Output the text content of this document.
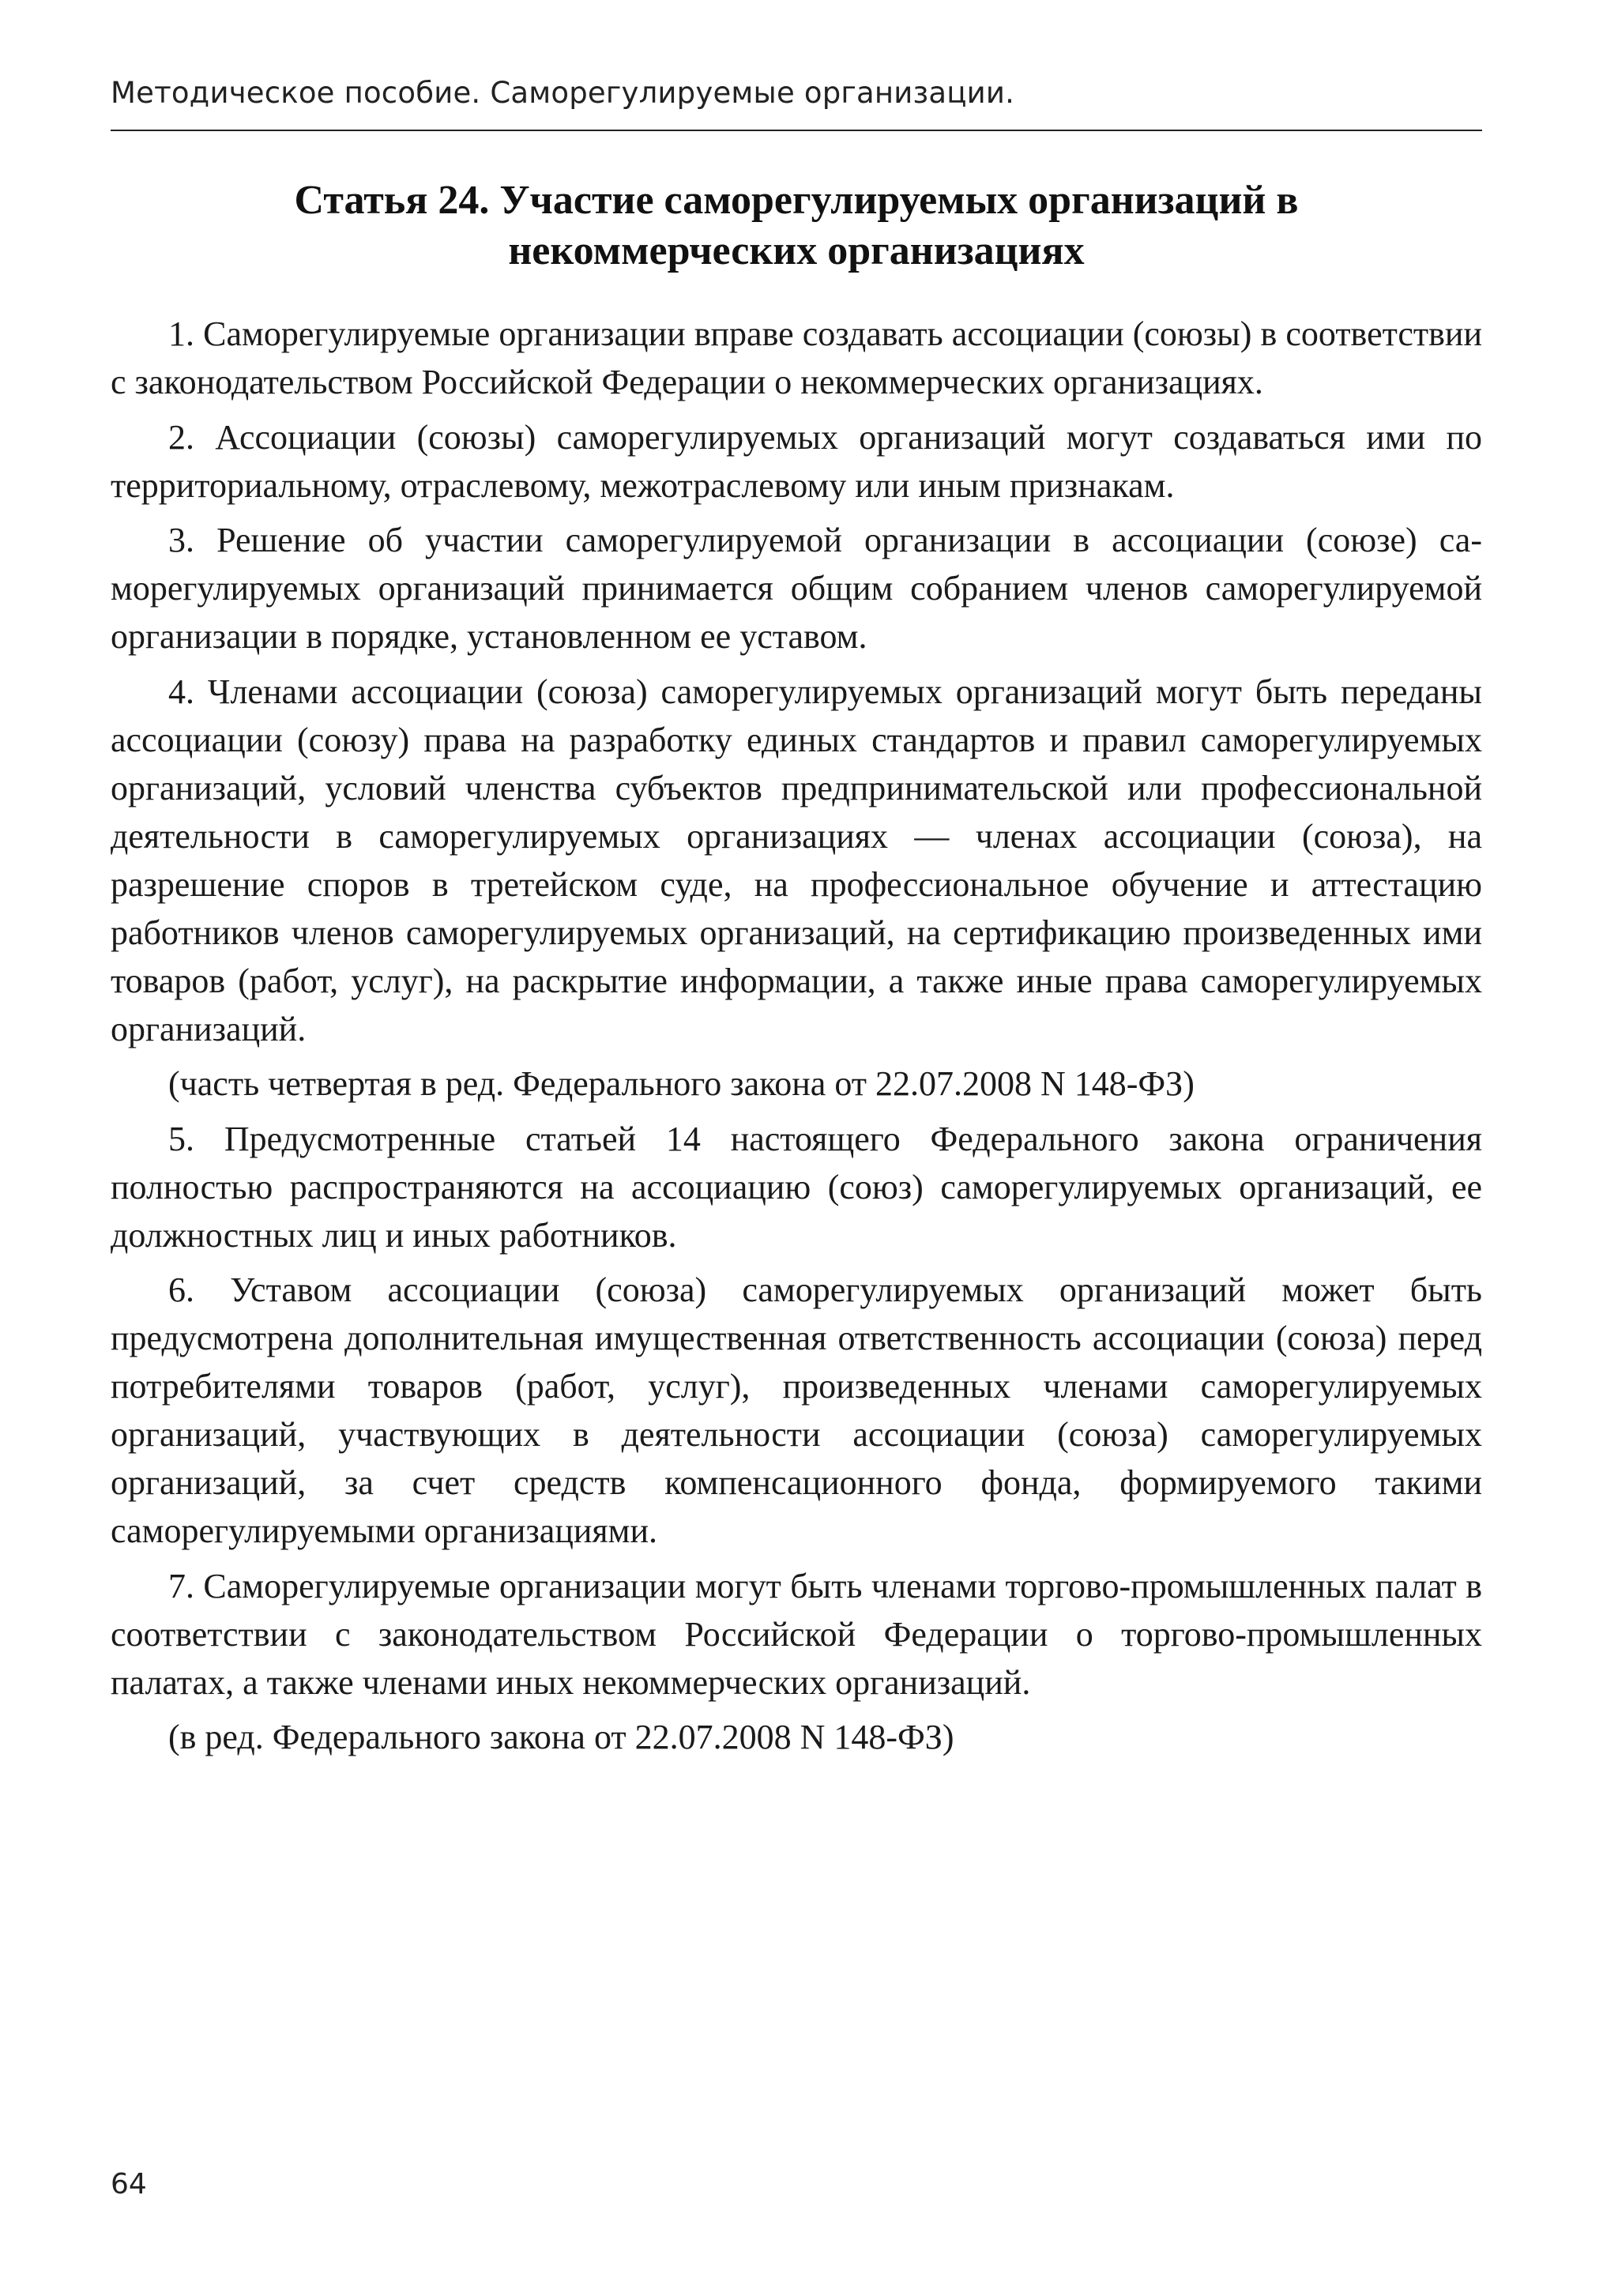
Методическое пособие. Саморегулируемые организации.
Статья 24. Участие саморегулируемых организаций в
некоммерческих организациях

1. Саморегулируемые организации вправе создавать ассоциации (союзы) в соответствии с законодательством Российской Федерации о некоммерческих организациях.

2. Ассоциации (союзы) саморегулируемых организаций могут создаваться ими по территориальному, отраслевому, межотраслевому или иным признакам.

3. Решение об участии саморегулируемой организации в ассоциации (союзе) саморегулируемых организаций принимается общим собранием членов саморегулируемой организации в порядке, установленном ее уставом.

4. Членами ассоциации (союза) саморегулируемых организаций могут быть переданы ассоциации (союзу) права на разработку единых стандартов и правил саморегулируемых организаций, условий членства субъектов предпринимательской или профессиональной деятельности в саморегулируемых организациях — членах ассоциации (союза), на разрешение споров в третейском суде, на профессиональное обучение и аттестацию работников членов саморегулируемых организаций, на сертификацию произведенных ими товаров (работ, услуг), на раскрытие информации, а также иные права саморегулируемых организаций.

(часть четвертая в ред. Федерального закона от 22.07.2008 N 148-ФЗ)

5. Предусмотренные статьей 14 настоящего Федерального закона ограничения полностью распространяются на ассоциацию (союз) саморегулируемых организаций, ее должностных лиц и иных работников.

6. Уставом ассоциации (союза) саморегулируемых организаций может быть предусмотрена дополнительная имущественная ответственность ассоциации (союза) перед потребителями товаров (работ, услуг), произведенных членами саморегулируемых организаций, участвующих в деятельности ассоциации (союза) саморегулируемых организаций, за счет средств компенсационного фонда, формируемого такими саморегулируемыми организациями.

7. Саморегулируемые организации могут быть членами торгово-промышленных палат в соответствии с законодательством Российской Федерации о торгово-промышленных палатах, а также членами иных некоммерческих организаций.

(в ред. Федерального закона от 22.07.2008 N 148-ФЗ)

64
